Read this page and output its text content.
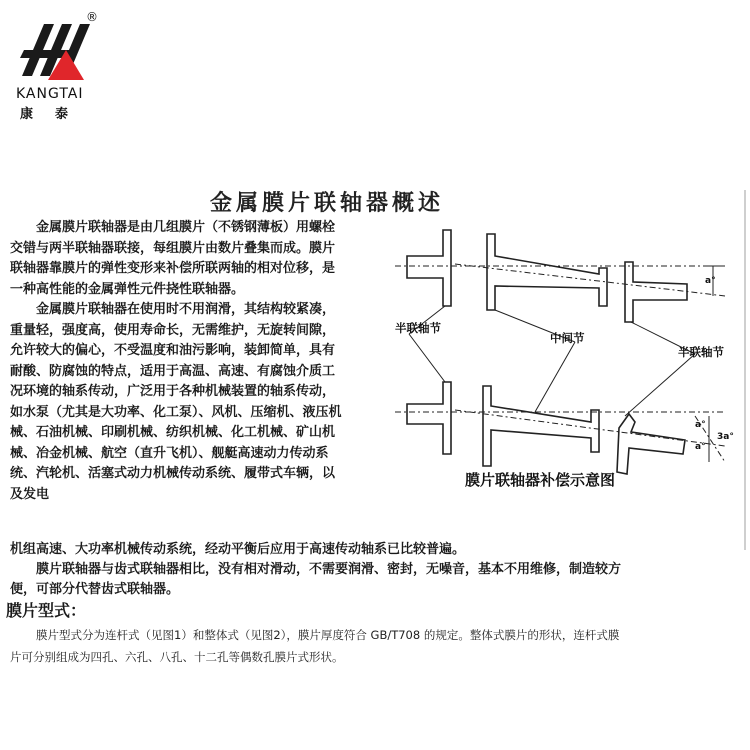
KANGTAI
康泰
®
金属膜片联轴器概述

金属膜片联轴器是由几组膜片（不锈钢薄板）用螺栓交错与两半联轴器联接，每组膜片由数片叠集而成。膜片联轴器靠膜片的弹性变形来补偿所联两轴的相对位移，是一种高性能的金属弹性元件挠性联轴器。

金属膜片联轴器在使用时不用润滑，其结构较紧凑，重量轻，强度高，使用寿命长，无需维护，无旋转间隙，允许较大的偏心，不受温度和油污影响，装卸简单，具有耐酸、防腐蚀的特点，适用于高温、高速、有腐蚀介质工况环境的轴系传动，广泛用于各种机械装置的轴系传动，如水泵（尤其是大功率、化工泵）、风机、压缩机、液压机械、石油机械、印刷机械、纺织机械、化工机械、矿山机械、冶金机械、航空（直升飞机）、舰艇高速动力传动系统、汽轮机、活塞式动力机械传动系统、履带式车辆，以及发电

机组高速、大功率机械传动系统，经动平衡后应用于高速传动轴系已比较普遍。
膜片联轴器与齿式联轴器相比，没有相对滑动，不需要润滑、密封，无噪音，基本不用维修，制造较方
便，可部分代替齿式联轴器。
膜片型式：
膜片型式分为连杆式（见图1）和整体式（见图2），膜片厚度符合 GB/T708 的规定。整体式膜片的形状，连杆式膜
片可分别组成为四孔、六孔、八孔、十二孔等偶数孔膜片式形状。
半联轴节
中间节
半联轴节
a°
a°
a°
3a°
膜片联轴器补偿示意图
